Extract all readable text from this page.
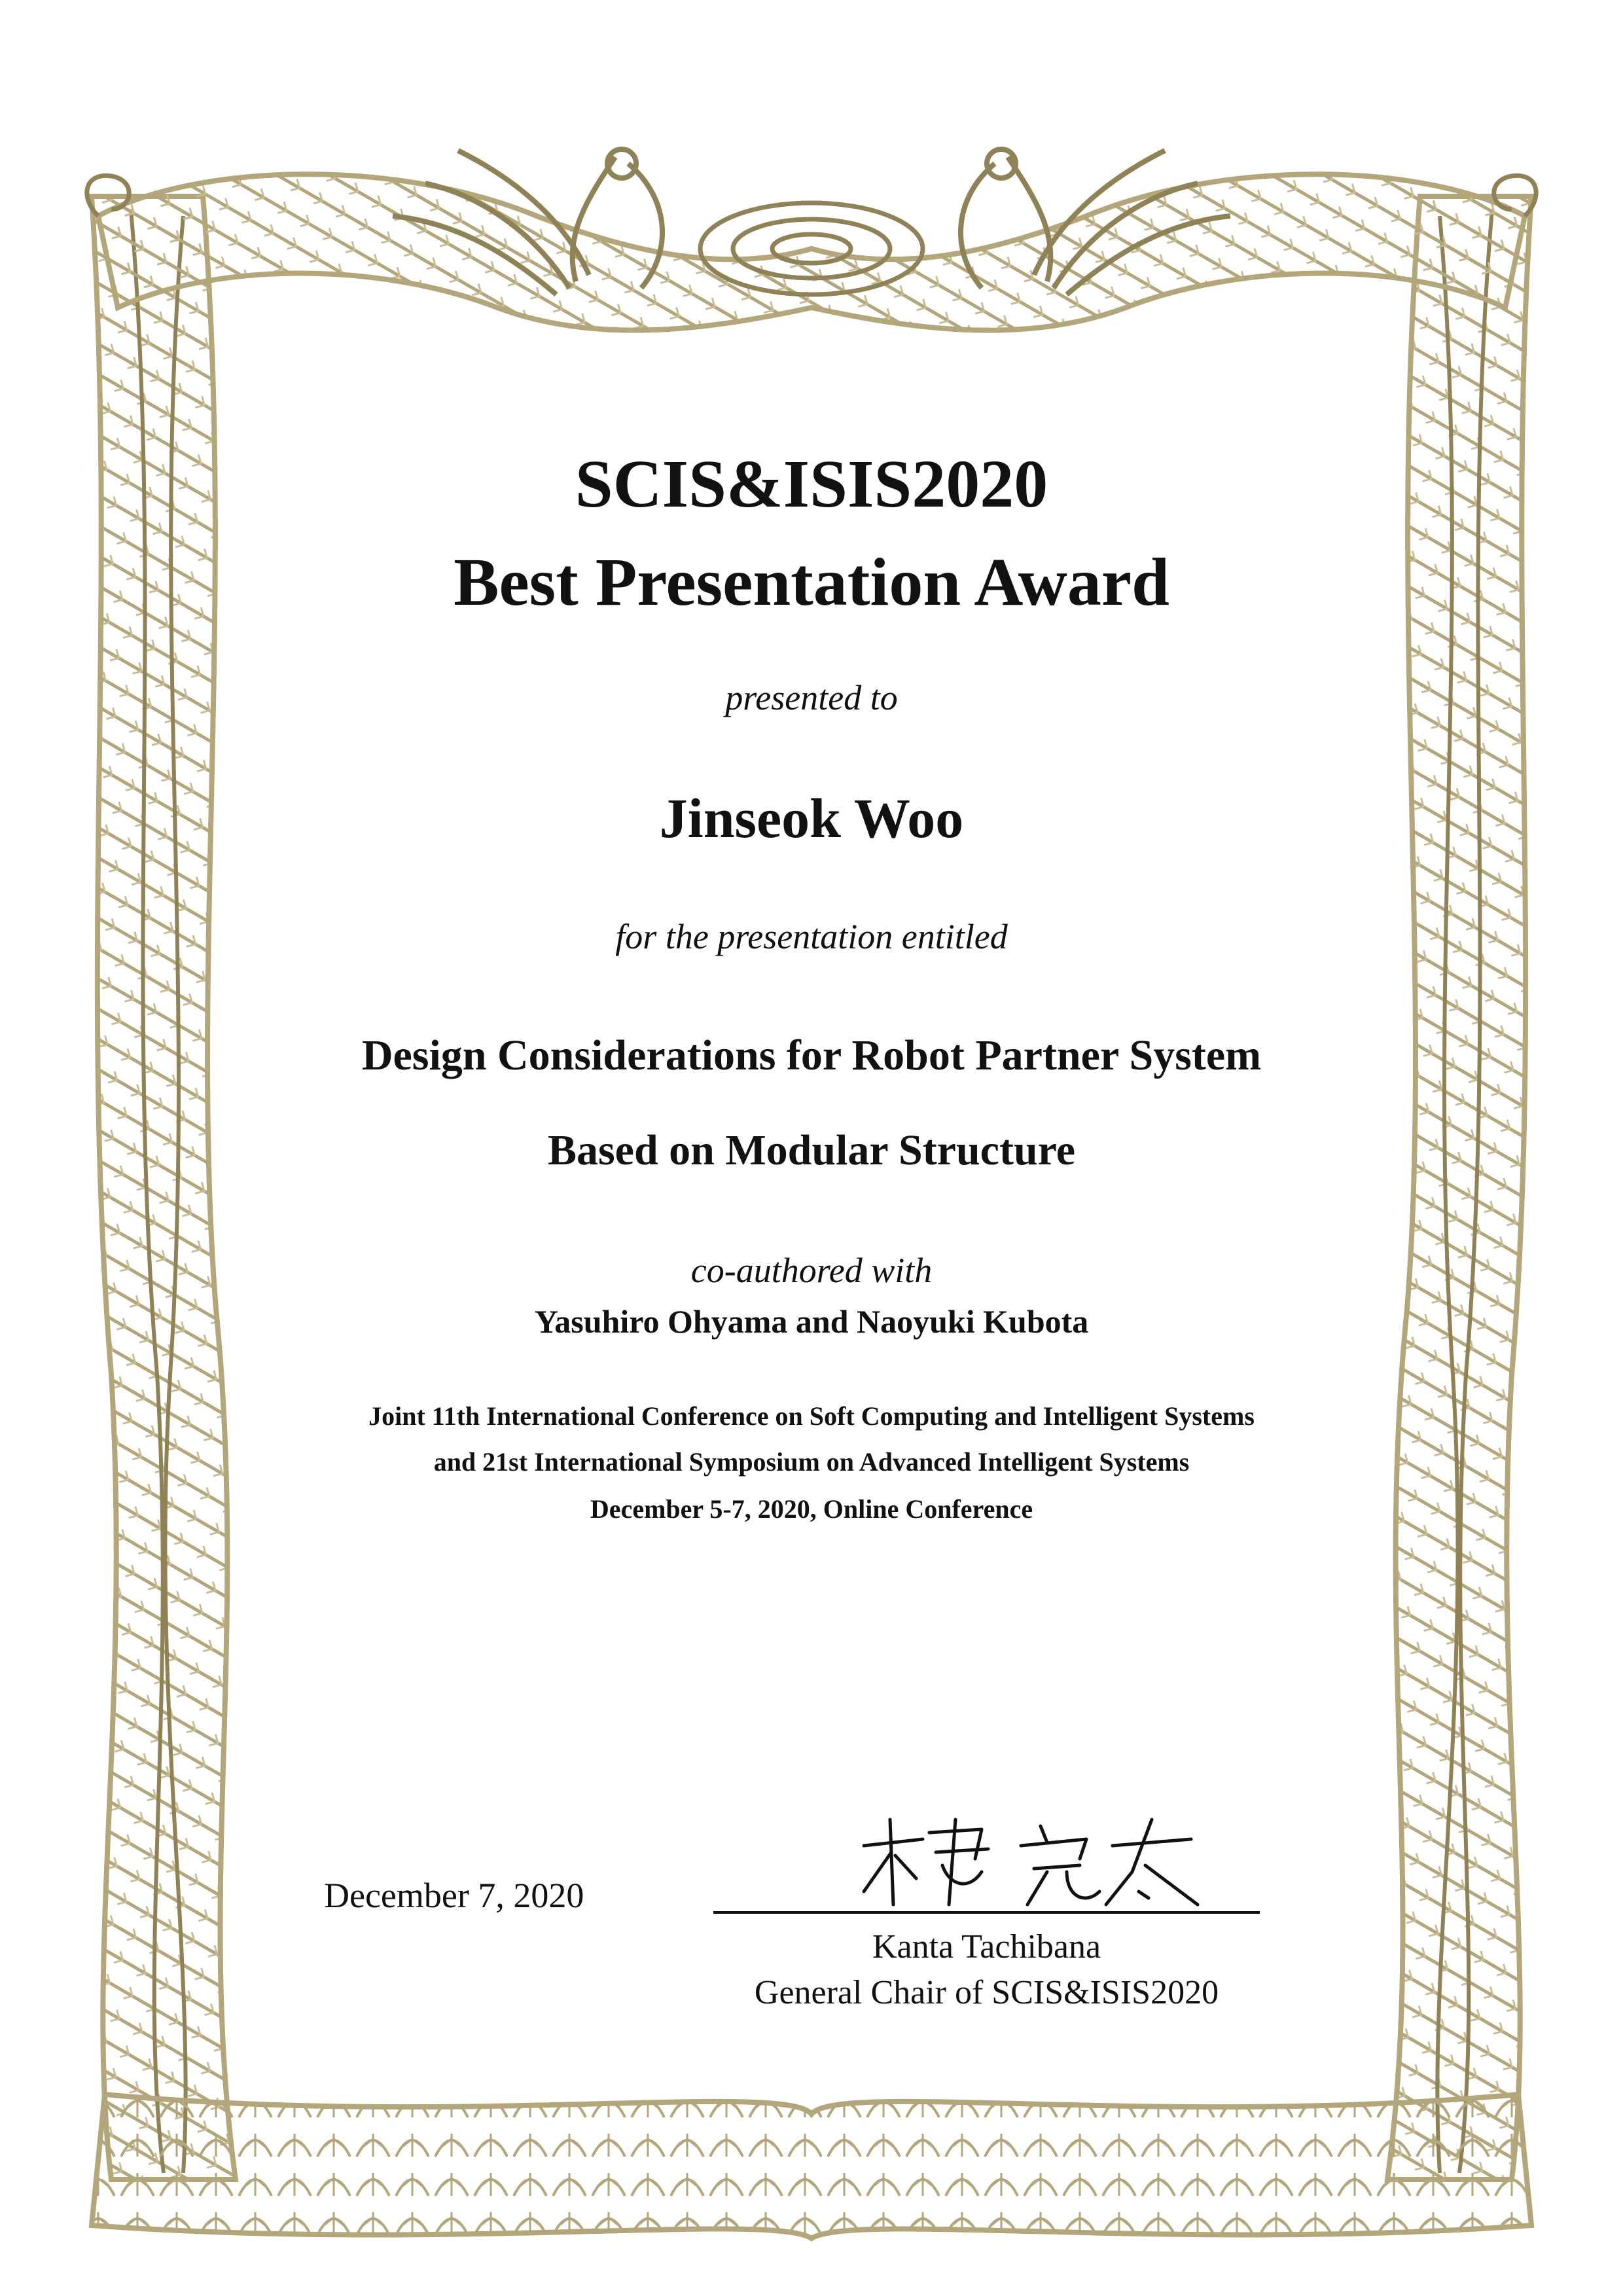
SCIS&ISIS2020
Best Presentation Award
presented to
Jinseok Woo
for the presentation entitled
Design Considerations for Robot Partner System
Based on Modular Structure
co-authored with
Yasuhiro Ohyama and Naoyuki Kubota
Joint 11th International Conference on Soft Computing and Intelligent Systems
and 21st International Symposium on Advanced Intelligent Systems
December 5-7, 2020, Online Conference
December 7, 2020
Kanta Tachibana
General Chair of SCIS&ISIS2020
